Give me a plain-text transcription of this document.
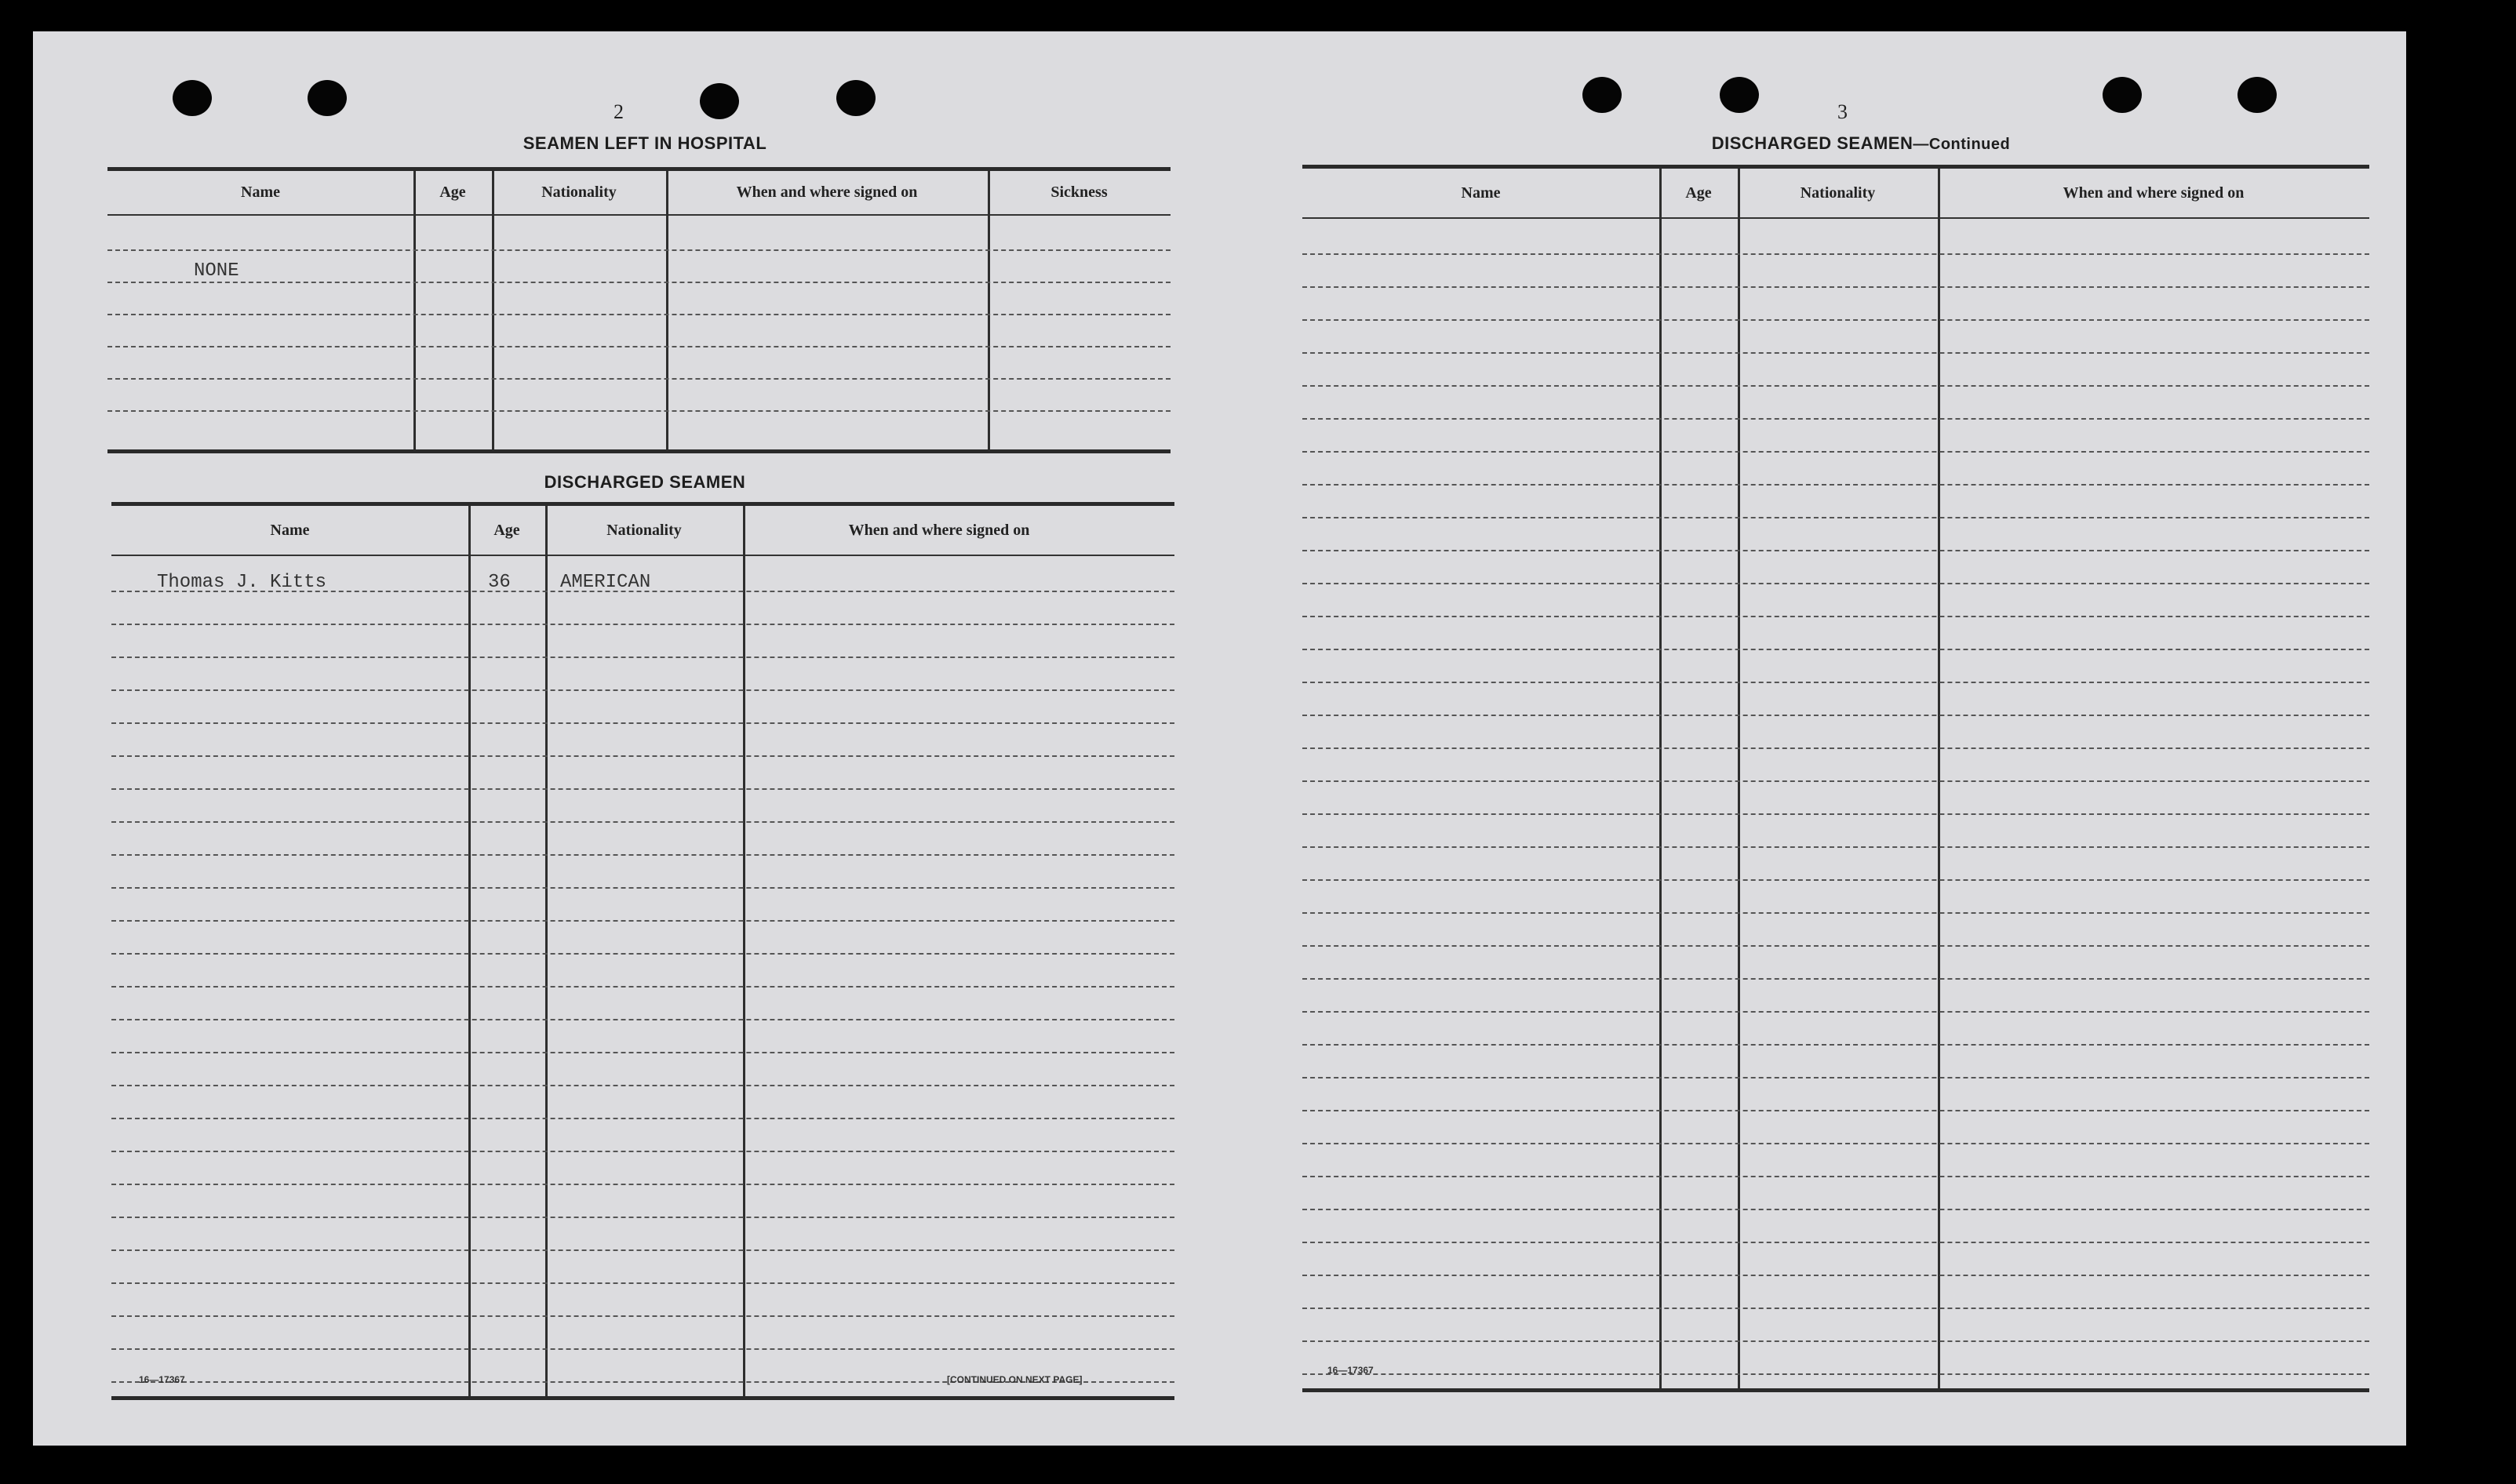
2
SEAMEN LEFT IN HOSPITAL
Name	Age	Nationality	When and where signed on	Sickness
NONE
DISCHARGED SEAMEN
Name	Age	Nationality	When and where signed on
Thomas J. Kitts	36	AMERICAN
16—17367	[CONTINUED ON NEXT PAGE]
3
DISCHARGED SEAMEN—Continued
Name	Age	Nationality	When and where signed on
16—17367
